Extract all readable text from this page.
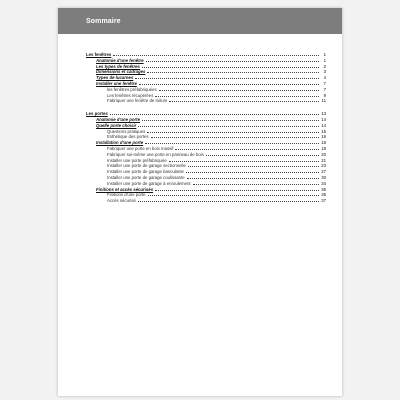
Sommaire
Les fenêtres	1
Anatomie d'une fenêtre	1
Les types de fenêtres	2
Dimensions et cadrages	3
Types de lucarnes	4
Installer une fenêtre	7
les fenêtres préfabriquées	7
Les fenêtres récupérées	9
Fabriquer une fenêtre de toiture	11
Les portes	13
Anatomie d'une porte	14
Quelle porte choisir	14
Questions pratiques	15
Esthétique des portes	16
Installation d'une porte	18
Fabriquer une porte en bois massif	18
Fabriquer soi-même une porte en panneau de bois	20
Installer une porte préfabriquée	21
Installer une porte de garage sectionnelle	23
Installer une porte de garage basculante	27
Installer une porte de garage coulissante	30
Installer une porte de garage à enroulement	34
Finitions et accès sécurisés	36
Finitions d'une porte	36
Accès sécurisé	37
